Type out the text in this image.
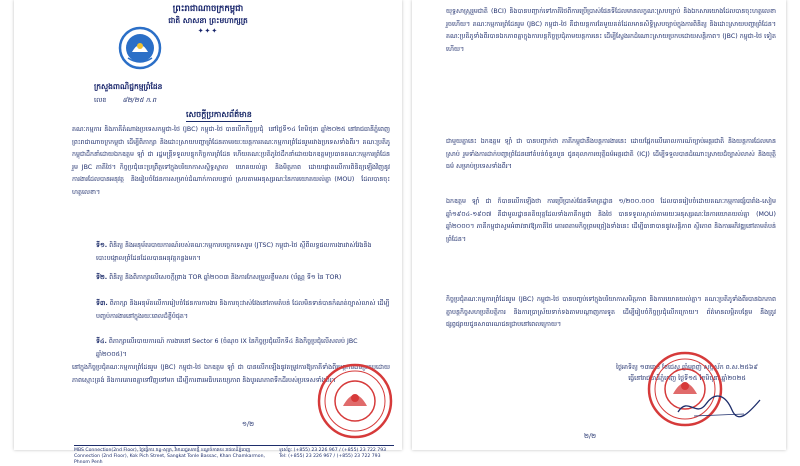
ព្រះរាជាណាចក្រកម្ពុជា
ជាតិ សាសនា ព្រះមហាក្សត្រ
✦✦✦
ក្រសួងពាណិជ្ជកម្មព្រំដែន
លេខ ៨២/២៥ ក.ព
សេចក្តីប្រកាសព័ត៌មាន
គណៈកម្មការ និងភាគីតំណាងប្រទេសកម្ពុជា-ថៃ (JBC) កម្ពុជា-ថៃ បានបើកកិច្ចប្រជុំ ​ នៅថ្ងៃទី១៤ ខែមិថុនា ឆ្នាំ២០២៥ នៅរាជធានីភ្នំពេញ ព្រះរាជាណាចក្រកម្ពុជា ដើម្បីពិភាក្សា និងដោះស្រាយបញ្ហាព្រំដែនតាមរយៈយន្តការគណៈកម្មការព្រំដែនរួមរវាងប្រទេសទាំងពីរ។ គណៈប្រតិភូកម្ពុជាដឹកនាំដោយឯកឧត្តម ឡាំ ជា រដ្ឋមន្ត្រីទទួលបន្ទុកកិច្ចការព្រំដែន ហើយគណៈប្រតិភូថៃដឹកនាំដោយឯកឧត្តមប្រធានគណៈកម្មការព្រំដែនរួម JBC ភាគីថៃ។ កិច្ចប្រជុំនេះប្រព្រឹត្តទៅក្នុងបរិយាកាសស្និទ្ធស្នាល ​ យោគយល់គ្នា ​ និងមិត្តភាព ​ ដោយផ្តោតលើការពិនិត្យឡើងវិញនូវការងារដែលបានអនុវត្ត ​ និងរៀបចំផែនការសម្រាប់ដំណាក់កាលបន្ទាប់ ស្របតាមអនុស្សរណៈនៃការយោគយល់គ្នា (MOU) ​ ដែលបានចុះហត្ថលេខា។
ទី១. ពិនិត្យ និងអនុម័តរបាយការណ៍របស់គណៈកម្មការបច្ចេកទេសរួម (JTSC) កម្ពុជា-ថៃ ស្តីពីលទ្ធផលការងារវាស់វែងនិងបោះបង្គោលព្រំដែនដែលបានអនុវត្តកន្លងមក។
ទី២. ពិនិត្យ និងពិភាក្សាលើសេចក្តីព្រាង TOR ឆ្នាំ២០០៣ និងការកែសម្រួលខ្លឹមសារ​ (ប័ណ្ណ ទី១ នៃ TOR)
ទី៣. ពិភាក្សា និងអនុម័តលើការរៀបចំផែនការការងារ និងការចុះវាស់វែងនៅតាមតំបន់ ដែលមិនទាន់បានកំណត់ច្បាស់លាស់ ដើម្បីបញ្ចប់ការងារនៅក្នុងរយៈពេលដ៏ខ្លីបំផុត។
ទី៤. ពិភាក្សាលើរបាយការណ៍ ការងារនៅ Sector 6 (ចំណុច IX នៃកិច្ចប្រជុំលើកទី៤ និងកិច្ចប្រជុំលើសលប់ JBC ឆ្នាំ២០០៥)។
នៅក្នុងកិច្ចប្រជុំគណៈកម្មការព្រំដែនរួម (JBC) កម្ពុជា-ថៃ ឯកឧត្តម ឡាំ ជា បានលើកឡើងនូវតម្រូវការឱ្យភាគីទាំងពីរបន្តការងារប្រកបដោយភាពស្មោះត្រង់ និងការគោរពគ្នាទៅវិញទៅមក ដើម្បីការពារអធិបតេយ្យភាព និងបូរណភាពទឹកដីរបស់ប្រទេសទាំងពីរ។
១/២
MBS Connection(2nd Floor), ថ្ងៃធ្វើការ ចន្ទ-សុក្រ, វិមានរដ្ឋសភាថ្មី ខណ្ឌចំការមន រាជធានីភ្នំពេញ Connection (2nd Floor), Kok Pich Street, Sangkat Tonle Bassac, Khan Chamkarmon, Phnom Penh
ទូរស័ព្ទ: (+855) 23 226 967 / (+855) 23 722 793 Tel: (+855) 23 226 967 / (+855) 23 722 793
យុទ្ធសាស្ត្ររួមជាតិ (BCI) និងបានបញ្ជាក់ទៅភាគីថៃពីការប្រើប្រាស់ផែនទីដែលមានលក្ខណៈស្របច្បាប់ និងឯកសារយោងដែលបានចុះហត្ថលេខារួចហើយ។ គណៈកម្មការព្រំដែនរួម (JBC) កម្ពុជា-ថៃ គឺជាយន្តការតែមួយគត់ដែលមានសិទ្ធិស្របច្បាប់ក្នុងការពិនិត្យ និងដោះស្រាយបញ្ហាព្រំដែន។ គណៈប្រតិភូទាំងពីរបានឯកភាពគ្នាក្នុងការបន្តកិច្ចប្រជុំតាមយន្តការនេះ ដើម្បីស្វែងរកដំណោះស្រាយប្រកបដោយសន្តិភាព។ (JBC) កម្ពុជា-ថៃ ទៀតហើយ។
ជាមួយគ្នានេះ ឯកឧត្តម ឡាំ ជា បានបញ្ជាក់ថា ភាគីកម្ពុជានឹងបន្តការងារនេះ ដោយផ្អែកលើគោលការណ៍ច្បាប់អន្តរជាតិ និងយន្តការដែលមានស្រាប់ រួមទាំងការដាក់បញ្ហាព្រំដែននៅតំបន់ចំនួនបួន ជូនតុលាការយុត្តិធម៌អន្តរជាតិ (ICJ) ដើម្បីទទួលបានដំណោះស្រាយដ៏ច្បាស់លាស់ និងយុត្តិធម៌ សម្រាប់ប្រទេសទាំងពីរ។
ឯកឧត្តម ឡាំ ជា ក៏បានលើកឡើងថា ការប្រើប្រាស់ផែនទីមាត្រដ្ឋាន ១/២០០.០០០ ដែលបានរៀបចំដោយគណៈកម្មការផ្សំបារាំង-សៀម ឆ្នាំ១៩០៤-១៩០៧ គឺជាមូលដ្ឋានគតិយុត្តដែលទាំងភាគីកម្ពុជា និងថៃ បានទទួលស្គាល់តាមរយៈអនុស្សរណៈនៃការយោគយល់គ្នា (MOU) ឆ្នាំ២០០០។ ភាគីកម្ពុជាសូមអំពាវនាវឱ្យភាគីថៃ គោរពតាមកិច្ចព្រមព្រៀងទាំងនេះ ដើម្បីធានាបាននូវសន្តិភាព ស្ថិរភាព និងការអភិវឌ្ឍនៅតាមតំបន់ព្រំដែន។
កិច្ចប្រជុំគណៈកម្មការព្រំដែនរួម (JBC) កម្ពុជា-ថៃ បានបញ្ចប់ទៅក្នុងបរិយាកាសមិត្តភាព និងការយោគយល់គ្នា។ គណៈប្រតិភូទាំងពីរបានឯកភាពគ្នាបន្តកិច្ចសហប្រតិបត្តិការ និងការប្រាស្រ័យទាក់ទងតាមបណ្តាញការទូត ដើម្បីរៀបចំកិច្ចប្រជុំលើកក្រោយ។ ព័ត៌មានលម្អិតបន្ថែម នឹងត្រូវផ្សព្វផ្សាយជូនសាធារណជនជ្រាបនៅពេលក្រោយ។
ថ្ងៃអាទិត្យ ១៣រោច ខែជេស្ឋ ឆ្នាំម្សាញ់ សប្តស័ក ព.ស.២៥៦៩
ធ្វើនៅរាជធានីភ្នំពេញ ថ្ងៃទី១៥ ខែមិថុនា ឆ្នាំ២០២៥
២/២
